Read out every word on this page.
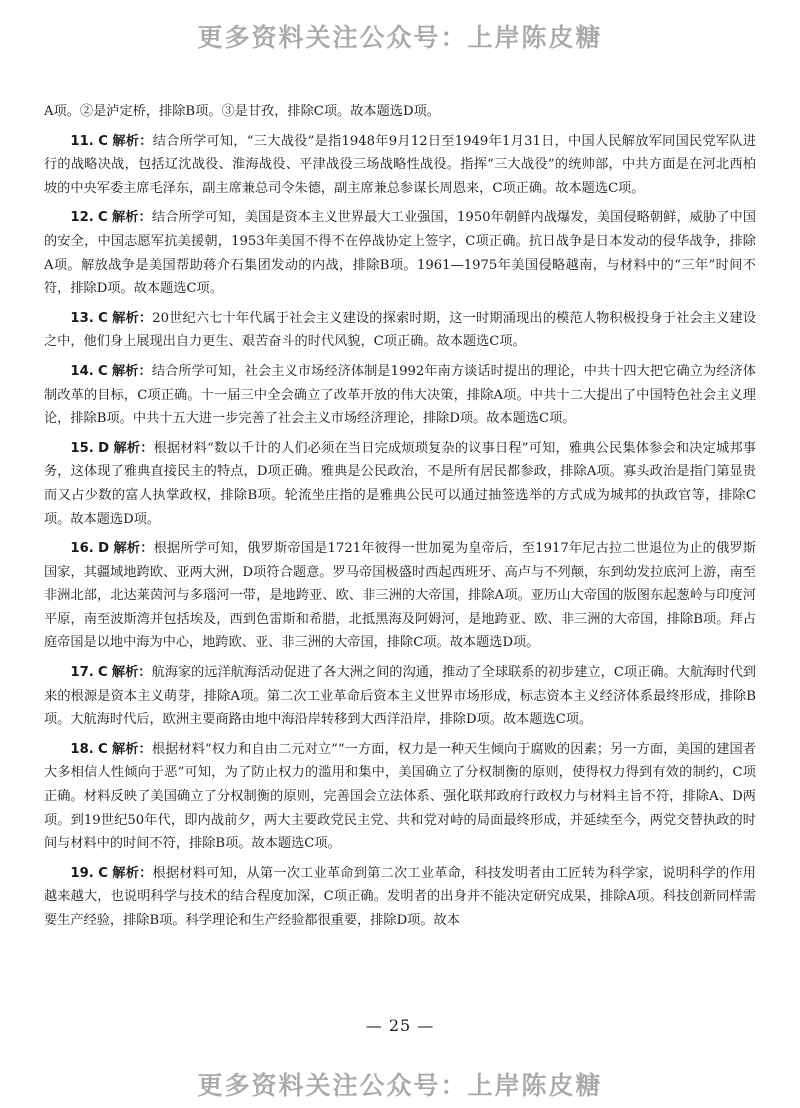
更多资料关注公众号：上岸陈皮糖

A项。②是泸定桥，排除B项。③是甘孜，排除C项。故本题选D项。

11. C 解析：结合所学可知，“三大战役”是指1948年9月12日至1949年1月31日，中国人民解放军同国民党军队进行的战略决战，包括辽沈战役、淮海战役、平津战役三场战略性战役。指挥“三大战役”的统帅部，中共方面是在河北西柏坡的中央军委主席毛泽东，副主席兼总司令朱德，副主席兼总参谋长周恩来，C项正确。故本题选C项。

12. C 解析：结合所学可知，美国是资本主义世界最大工业强国，1950年朝鲜内战爆发，美国侵略朝鲜，威胁了中国的安全，中国志愿军抗美援朝，1953年美国不得不在停战协定上签字，C项正确。抗日战争是日本发动的侵华战争，排除A项。解放战争是美国帮助蒋介石集团发动的内战，排除B项。1961—1975年美国侵略越南，与材料中的“三年”时间不符，排除D项。故本题选C项。

13. C 解析：20世纪六七十年代属于社会主义建设的探索时期，这一时期涌现出的模范人物积极投身于社会主义建设之中，他们身上展现出自力更生、艰苦奋斗的时代风貌，C项正确。故本题选C项。

14. C 解析：结合所学可知，社会主义市场经济体制是1992年南方谈话时提出的理论，中共十四大把它确立为经济体制改革的目标，C项正确。十一届三中全会确立了改革开放的伟大决策，排除A项。中共十二大提出了中国特色社会主义理论，排除B项。中共十五大进一步完善了社会主义市场经济理论，排除D项。故本题选C项。

15. D 解析：根据材料“数以千计的人们必须在当日完成烦琐复杂的议事日程”可知，雅典公民集体参会和决定城邦事务，这体现了雅典直接民主的特点，D项正确。雅典是公民政治，不是所有居民都参政，排除A项。寡头政治是指门第显贵而又占少数的富人执掌政权，排除B项。轮流坐庄指的是雅典公民可以通过抽签选举的方式成为城邦的执政官等，排除C项。故本题选D项。

16. D 解析：根据所学可知，俄罗斯帝国是1721年彼得一世加冕为皇帝后，至1917年尼古拉二世退位为止的俄罗斯国家，其疆域地跨欧、亚两大洲，D项符合题意。罗马帝国极盛时西起西班牙、高卢与不列颠，东到幼发拉底河上游，南至非洲北部，北达莱茵河与多瑙河一带，是地跨亚、欧、非三洲的大帝国，排除A项。亚历山大帝国的版图东起葱岭与印度河平原，南至波斯湾并包括埃及，西到色雷斯和希腊，北抵黑海及阿姆河，是地跨亚、欧、非三洲的大帝国，排除B项。拜占庭帝国是以地中海为中心，地跨欧、亚、非三洲的大帝国，排除C项。故本题选D项。

17. C 解析：航海家的远洋航海活动促进了各大洲之间的沟通，推动了全球联系的初步建立，C项正确。大航海时代到来的根源是资本主义萌芽，排除A项。第二次工业革命后资本主义世界市场形成，标志资本主义经济体系最终形成，排除B项。大航海时代后，欧洲主要商路由地中海沿岸转移到大西洋沿岸，排除D项。故本题选C项。

18. C 解析：根据材料“权力和自由二元对立”“一方面，权力是一种天生倾向于腐败的因素；另一方面，美国的建国者大多相信人性倾向于恶”可知，为了防止权力的滥用和集中，美国确立了分权制衡的原则，使得权力得到有效的制约，C项正确。材料反映了美国确立了分权制衡的原则，完善国会立法体系、强化联邦政府行政权力与材料主旨不符，排除A、D两项。到19世纪50年代，即内战前夕，两大主要政党民主党、共和党对峙的局面最终形成，并延续至今，两党交替执政的时间与材料中的时间不符，排除B项。故本题选C项。

19. C 解析：根据材料可知，从第一次工业革命到第二次工业革命，科技发明者由工匠转为科学家，说明科学的作用越来越大，也说明科学与技术的结合程度加深，C项正确。发明者的出身并不能决定研究成果，排除A项。科技创新同样需要生产经验，排除B项。科学理论和生产经验都很重要，排除D项。故本

— 25 —
更多资料关注公众号：上岸陈皮糖
